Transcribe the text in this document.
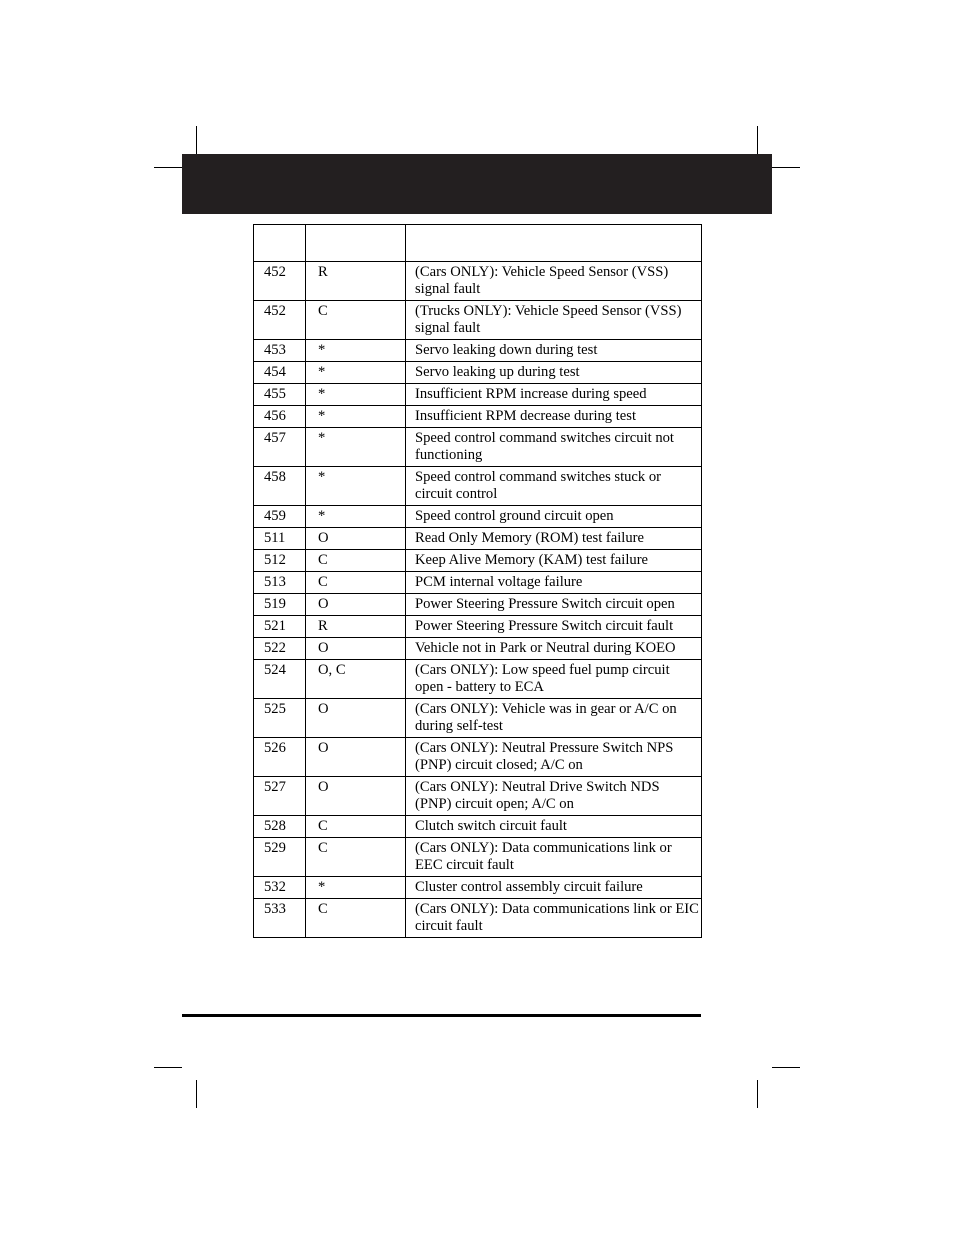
452	R	(Cars ONLY): Vehicle Speed Sensor (VSS) signal fault
452	C	(Trucks ONLY): Vehicle Speed Sensor (VSS) signal fault
453	*	Servo leaking down during test
454	*	Servo leaking up during test
455	*	Insufficient RPM increase during speed
456	*	Insufficient RPM decrease during test
457	*	Speed control command switches circuit not functioning
458	*	Speed control command switches stuck or circuit control
459	*	Speed control ground circuit open
511	O	Read Only Memory (ROM) test failure
512	C	Keep Alive Memory (KAM) test failure
513	C	PCM internal voltage failure
519	O	Power Steering Pressure Switch circuit open
521	R	Power Steering Pressure Switch circuit fault
522	O	Vehicle not in Park or Neutral during KOEO
524	O, C	(Cars ONLY): Low speed fuel pump circuit open - battery to ECA
525	O	(Cars ONLY): Vehicle was in gear or A/C on during self-test
526	O	(Cars ONLY): Neutral Pressure Switch NPS (PNP) circuit closed; A/C on
527	O	(Cars ONLY): Neutral Drive Switch NDS (PNP) circuit open; A/C on
528	C	Clutch switch circuit fault
529	C	(Cars ONLY): Data communications link or EEC circuit fault
532	*	Cluster control assembly circuit failure
533	C	(Cars ONLY): Data communications link or EIC circuit fault
